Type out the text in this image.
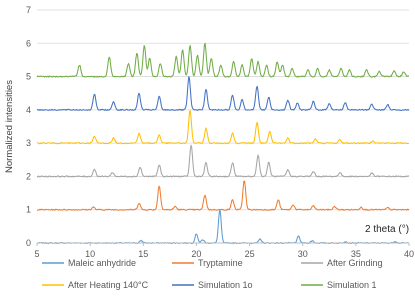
0
1
2
3
4
5
6
7
5	10	15	20	25	30	35	40
Normalized intensities
2 theta (°)
Maleic anhydride	Tryptamine	After Grinding
After Heating 140°C	Simulation 1o	Simulation 1
